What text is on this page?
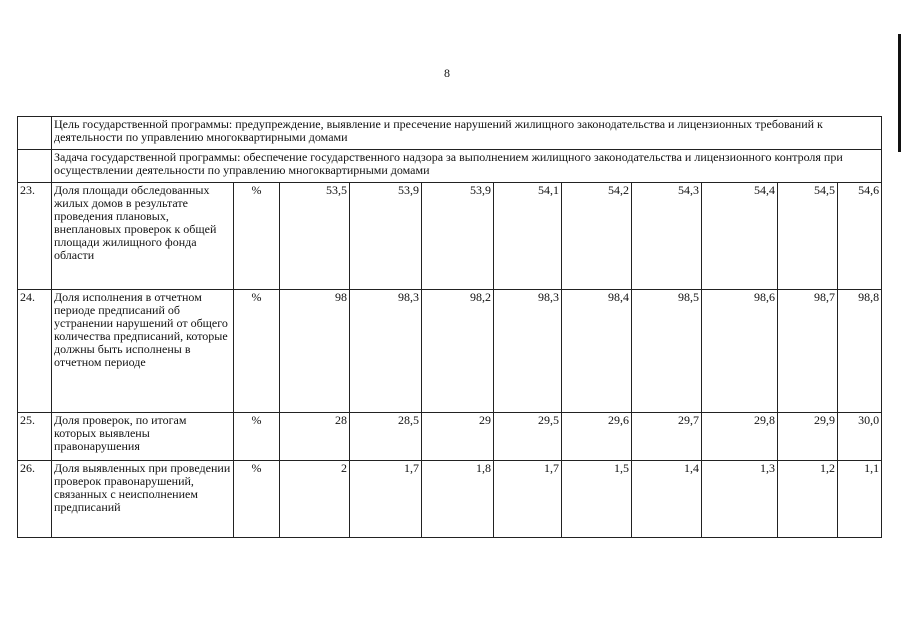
8
	Цель государственной программы: предупреждение, выявление и пресечение нарушений жилищного законодательства и лицензионных требований к деятельности по управлению многоквартирными домами										
	Задача государственной программы: обеспечение государственного надзора за выполнением жилищного законодательства и лицензионного контроля при осуществлении деятельности по управлению многоквартирными домами										
23.	Доля площади обследованных жилых домов в результате проведения плановых, внеплановых проверок к общей площади жилищного фонда области	%	53,5	53,9	53,9	54,1	54,2	54,3	54,4	54,5	54,6
24.	Доля исполнения в отчетном периоде предписаний об устранении нарушений от общего количества предписаний, которые должны быть исполнены в отчетном периоде	%	98	98,3	98,2	98,3	98,4	98,5	98,6	98,7	98,8
25.	Доля проверок, по итогам которых выявлены правонарушения	%	28	28,5	29	29,5	29,6	29,7	29,8	29,9	30,0
26.	Доля выявленных при проведении проверок правонарушений, связанных с неисполнением предписаний	%	2	1,7	1,8	1,7	1,5	1,4	1,3	1,2	1,1
